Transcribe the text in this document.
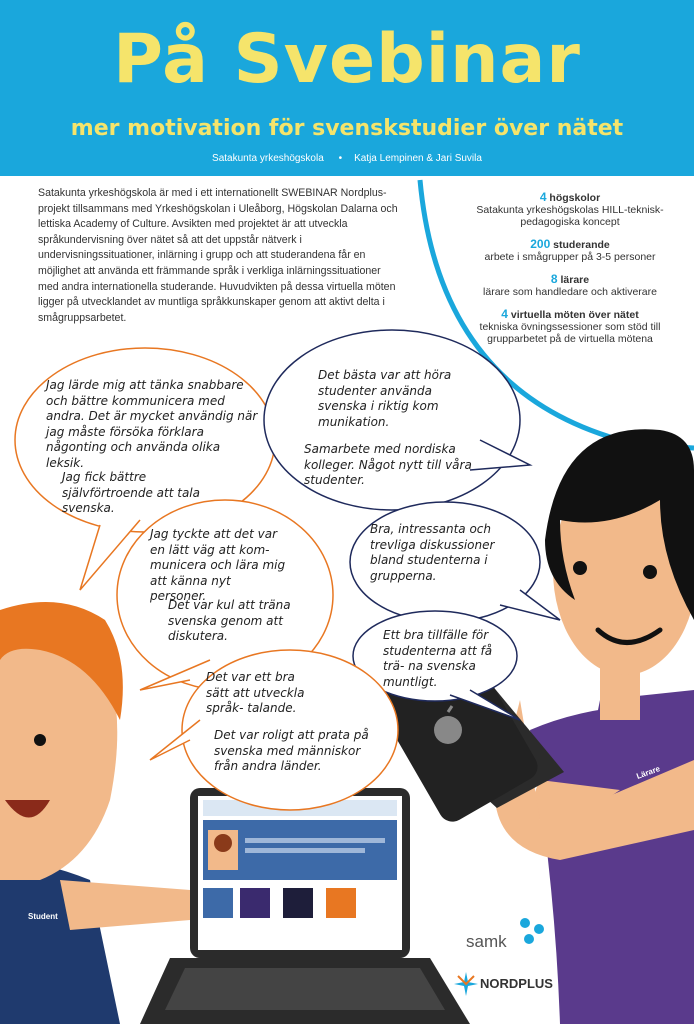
På Svebinar
mer motivation för svenskstudier över nätet
Satakunta yrkeshögskola • Katja Lempinen & Jari Suvila
Satakunta yrkeshögskola är med i ett internationellt SWEBINAR Nordplus-projekt tillsammans med Yrkeshögskolan i Uleåborg, Högskolan Dalarna och lettiska Academy of Culture. Avsikten med projektet är att utveckla språkundervisning över nätet så att det uppstår nätverk i undervisningssituationer, inlärning i grupp och att studerandena får en möjlighet att använda ett främmande språk i verkliga inlärningssituationer med andra internationella studerande. Huvudvikten på dessa virtuella möten ligger på utvecklandet av muntliga språkkunskaper genom att aktivt delta i smågruppsarbetet.
4 högskolor
Satakunta yrkeshögskolas HILL-teknisk-pedagogiska koncept
200 studerande
arbete i smågrupper på 3-5 personer
8 lärare
lärare som handledare och aktiverare
4 virtuella möten över nätet
tekniska övningssessioner som stöd till grupparbetet på de virtuella mötena
Jag lärde mig att tänka snabbare och bättre kommunicera med andra. Det är mycket användig när jag måste försöka förklara någonting och använda olika leksik.
Jag fick bättre självförtroende att tala svenska.
Det bästa var att höra studenter använda svenska i riktig kom munikation.
Samarbete med nordiska kolleger. Något nytt till våra studenter.
Jag tyckte att det var en lätt väg att kom- municera och lära mig att känna nyt personer.
Det var kul att träna svenska genom att diskutera.
Bra, intressanta och trevliga diskussioner bland studenterna i grupperna.
Ett bra tillfälle för studenterna att få trä- na svenska muntligt.
Det var ett bra sätt att utveckla språk- talande.
Det var roligt att prata på svenska med människor från andra länder.
Student
Lärare
samk
NORDPLUS
